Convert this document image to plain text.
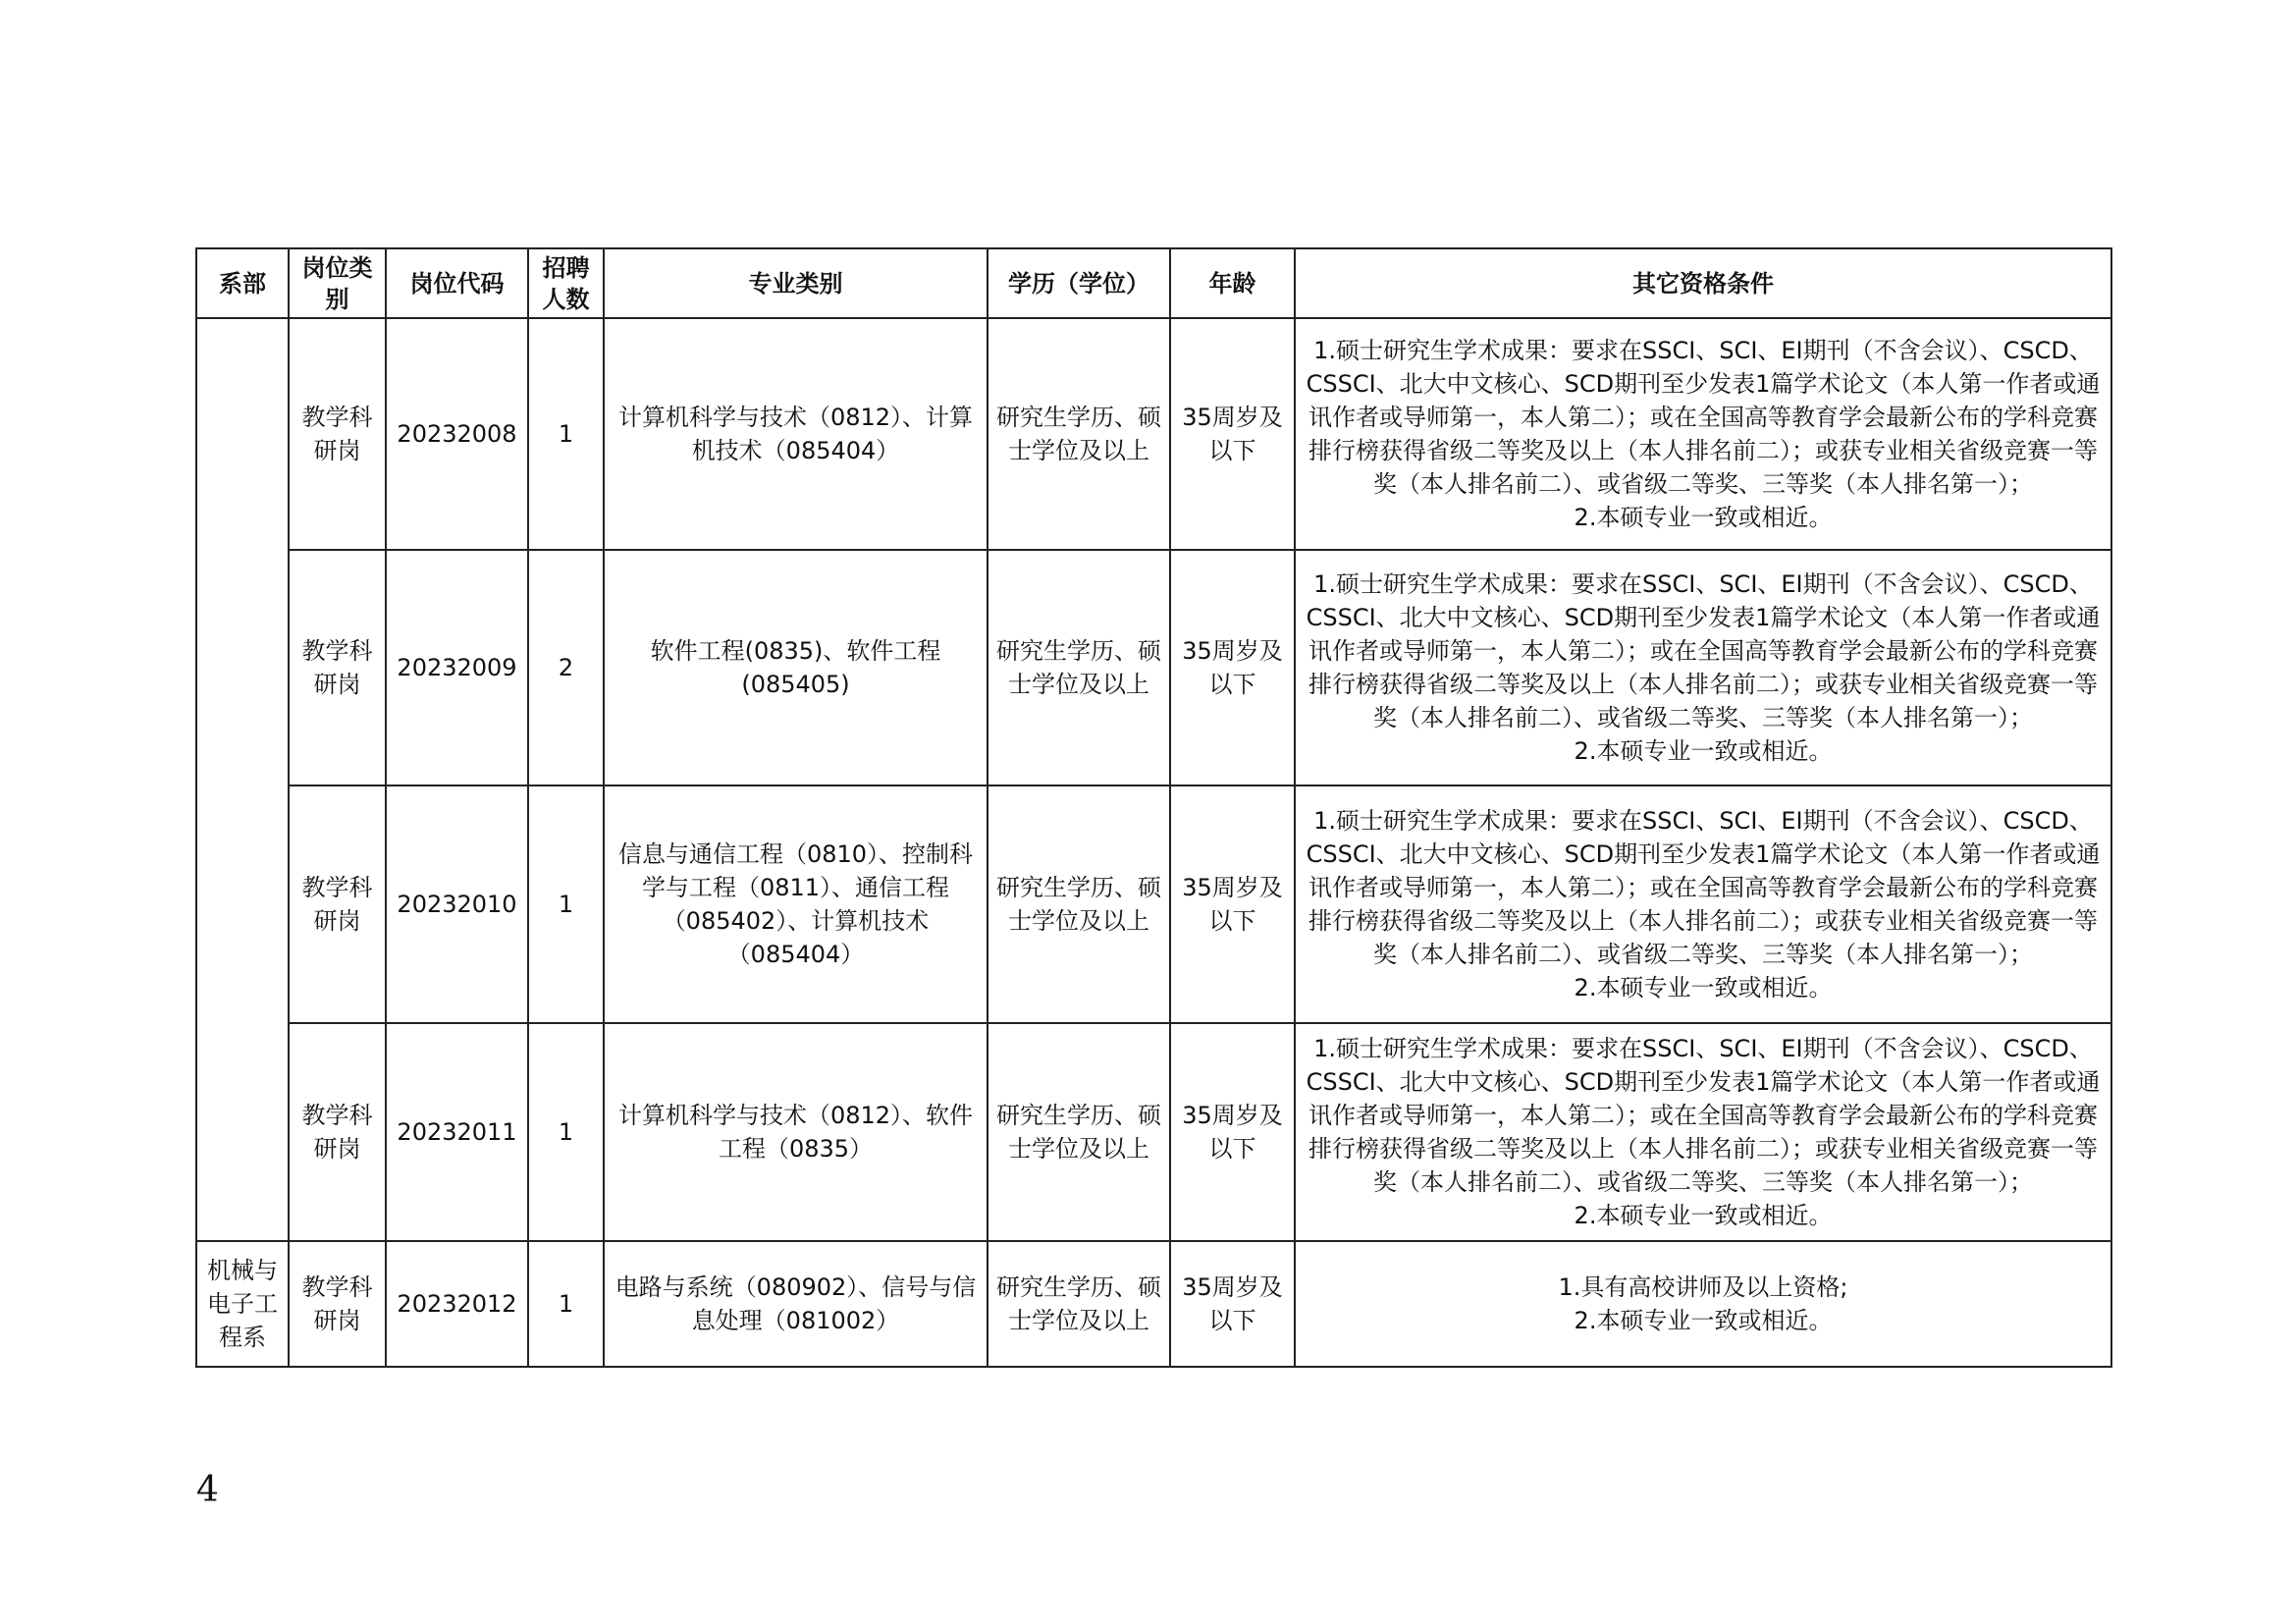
系部	岗位类别	岗位代码	招聘人数	专业类别	学历（学位）	年龄	其它资格条件
	教学科研岗	20232008	1	计算机科学与技术（0812）、计算机技术（085404）	研究生学历、硕士学位及以上	35周岁及以下	1.硕士研究生学术成果：要求在SSCI、SCI、EI期刊（不含会议）、CSCD、CSSCI、北大中文核心、SCD期刊至少发表1篇学术论文（本人第一作者或通讯作者或导师第一，本人第二）；或在全国高等教育学会最新公布的学科竞赛排行榜获得省级二等奖及以上（本人排名前二）；或获专业相关省级竞赛一等奖（本人排名前二）、或省级二等奖、三等奖（本人排名第一）；
2.本硕专业一致或相近。

	教学科研岗	20232009	2	软件工程(0835)、软件工程(085405)	研究生学历、硕士学位及以上	35周岁及以下	1.硕士研究生学术成果：要求在SSCI、SCI、EI期刊（不含会议）、CSCD、CSSCI、北大中文核心、SCD期刊至少发表1篇学术论文（本人第一作者或通讯作者或导师第一，本人第二）；或在全国高等教育学会最新公布的学科竞赛排行榜获得省级二等奖及以上（本人排名前二）；或获专业相关省级竞赛一等奖（本人排名前二）、或省级二等奖、三等奖（本人排名第一）；
2.本硕专业一致或相近。

	教学科研岗	20232010	1	信息与通信工程（0810）、控制科学与工程（0811）、通信工程（085402）、计算机技术（085404）	研究生学历、硕士学位及以上	35周岁及以下	1.硕士研究生学术成果：要求在SSCI、SCI、EI期刊（不含会议）、CSCD、CSSCI、北大中文核心、SCD期刊至少发表1篇学术论文（本人第一作者或通讯作者或导师第一，本人第二）；或在全国高等教育学会最新公布的学科竞赛排行榜获得省级二等奖及以上（本人排名前二）；或获专业相关省级竞赛一等奖（本人排名前二）、或省级二等奖、三等奖（本人排名第一）；
2.本硕专业一致或相近。

	教学科研岗	20232011	1	计算机科学与技术（0812）、软件工程（0835）	研究生学历、硕士学位及以上	35周岁及以下	1.硕士研究生学术成果：要求在SSCI、SCI、EI期刊（不含会议）、CSCD、CSSCI、北大中文核心、SCD期刊至少发表1篇学术论文（本人第一作者或通讯作者或导师第一，本人第二）；或在全国高等教育学会最新公布的学科竞赛排行榜获得省级二等奖及以上（本人排名前二）；或获专业相关省级竞赛一等奖（本人排名前二）、或省级二等奖、三等奖（本人排名第一）；
2.本硕专业一致或相近。

机械与电子工程系	教学科研岗	20232012	1	电路与系统（080902）、信号与信息处理（081002）	研究生学历、硕士学位及以上	35周岁及以下	1.具有高校讲师及以上资格;
2.本硕专业一致或相近。
4
